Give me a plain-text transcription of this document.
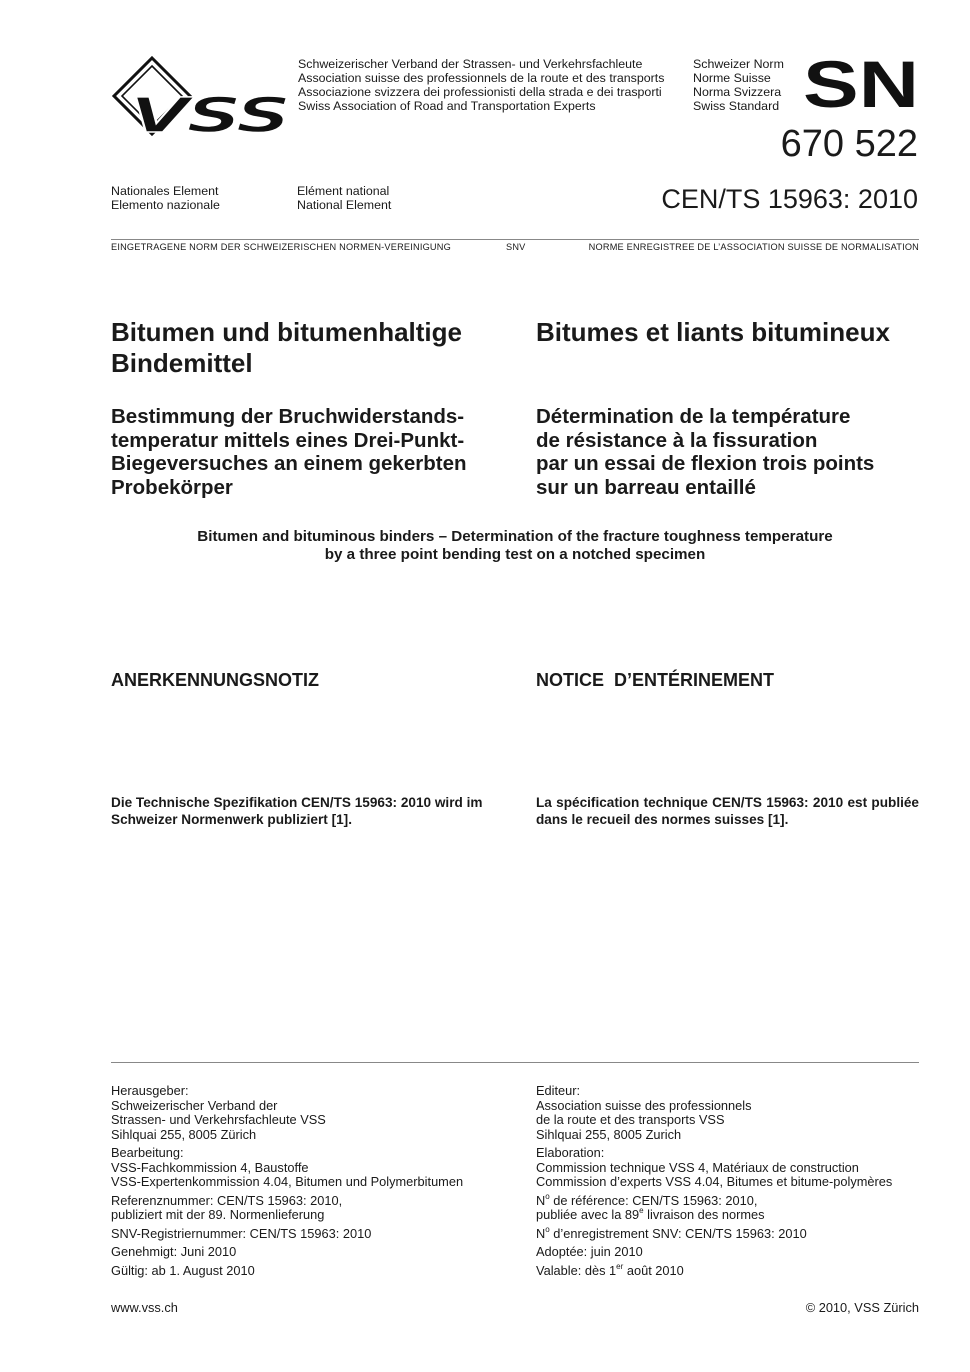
VSS
Schweizerischer Verband der Strassen- und Verkehrsfachleute
Association suisse des professionnels de la route et des transports
Associazione svizzera dei professionisti della strada e dei trasporti
Swiss Association of Road and Transportation Experts
Schweizer Norm
Norme Suisse
Norma Svizzera
Swiss Standard SN
670 522
CEN/TS 15963: 2010
Nationales Element
Elemento nazionale
Elément national
National Element
EINGETRAGENE NORM DER SCHWEIZERISCHEN NORMEN-VEREINIGUNG	SNV	NORME ENREGISTREE DE L’ASSOCIATION SUISSE DE NORMALISATION
Bitumen und bitumenhaltige
Bindemittel
Bitumes et liants bitumineux
Bestimmung der Bruchwiderstands-
temperatur mittels eines Drei-Punkt-
Biegeversuches an einem gekerbten
Probekörper
Détermination de la température
de résistance à la fissuration
par un essai de flexion trois points
sur un barreau entaillé
Bitumen and bituminous binders – Determination of the fracture toughness temperature
by a three point bending test on a notched specimen
ANERKENNUNGSNOTIZ	NOTICE  D’ENTÉRINEMENT
Die Technische Spezifikation CEN/TS 15963: 2010 wird im Schweizer Normenwerk publiziert [1].
La spécification technique CEN/TS 15963: 2010 est publiée dans le recueil des normes suisses [1].

Herausgeber:
Schweizerischer Verband der
Strassen- und Verkehrsfachleute VSS
Sihlquai 255, 8005 Zürich

Bearbeitung:
VSS-Fachkommission 4, Baustoffe
VSS-Expertenkommission 4.04, Bitumen und Polymerbitumen

Referenznummer: CEN/TS 15963: 2010,
publiziert mit der 89. Normenlieferung

SNV-Registriernummer: CEN/TS 15963: 2010

Genehmigt: Juni 2010

Gültig: ab 1. August 2010

Editeur:
Association suisse des professionnels
de la route et des transports VSS
Sihlquai 255, 8005 Zurich

Elaboration:
Commission technique VSS 4, Matériaux de construction
Commission d’experts VSS 4.04, Bitumes et bitume-polymères

$N^o$ de référence: CEN/TS 15963: 2010,
publiée avec la 89e livraison des normes

$N^o$ d’enregistrement SNV: CEN/TS 15963: 2010

Adoptée: juin 2010

Valable: dès 1er août 2010

www.vss.ch	© 2010, VSS Zürich
